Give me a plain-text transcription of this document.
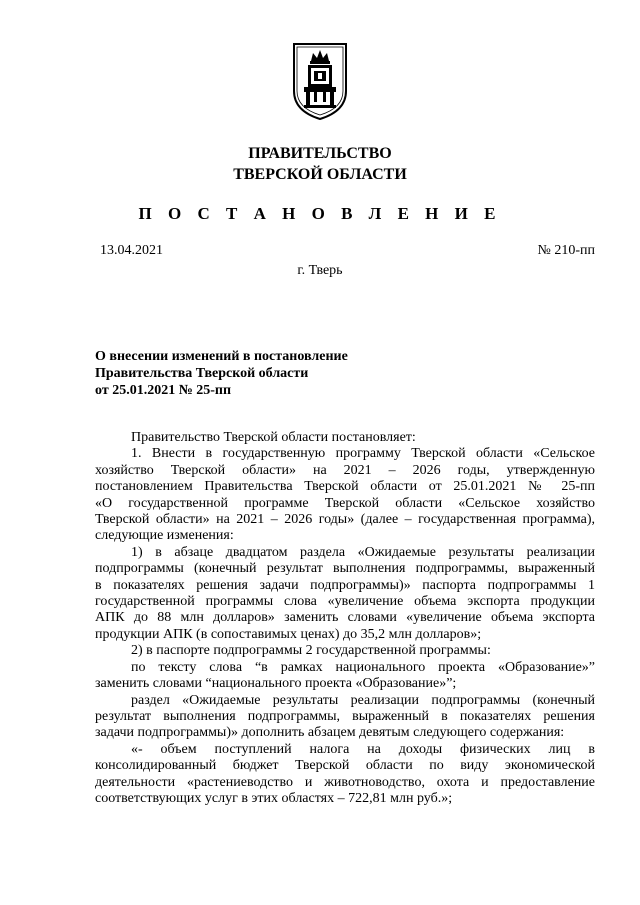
ПРАВИТЕЛЬСТВО
ТВЕРСКОЙ ОБЛАСТИ
П О С Т А Н О В Л Е Н И Е
13.04.2021	№ 210-пп
г. Тверь
О внесении изменений в постановление
Правительства Тверской области
от 25.01.2021 № 25-пп
Правительство Тверской области постановляет:
1. Внести в государственную программу Тверской области «Сельское
хозяйство Тверской области» на 2021 – 2026 годы, утвержденную
постановлением Правительства Тверской области от 25.01.2021 № 25-пп
«О государственной программе Тверской области «Сельское хозяйство
Тверской области» на 2021 – 2026 годы» (далее – государственная программа),
следующие изменения:
1) в абзаце двадцатом раздела «Ожидаемые результаты реализации
подпрограммы (конечный результат выполнения подпрограммы, выраженный
в показателях решения задачи подпрограммы)» паспорта подпрограммы 1
государственной программы слова «увеличение объема экспорта продукции
АПК до 88 млн долларов» заменить словами «увеличение объема экспорта
продукции АПК (в сопоставимых ценах) до 35,2 млн долларов»;
2) в паспорте подпрограммы 2 государственной программы:
по тексту слова “в рамках национального проекта «Образование»”
заменить словами “национального проекта «Образование»”;
раздел «Ожидаемые результаты реализации подпрограммы (конечный
результат выполнения подпрограммы, выраженный в показателях решения
задачи подпрограммы)» дополнить абзацем девятым следующего содержания:
«- объем поступлений налога на доходы физических лиц в
консолидированный бюджет Тверской области по виду экономической
деятельности «растениеводство и животноводство, охота и предоставление
соответствующих услуг в этих областях – 722,81 млн руб.»;
